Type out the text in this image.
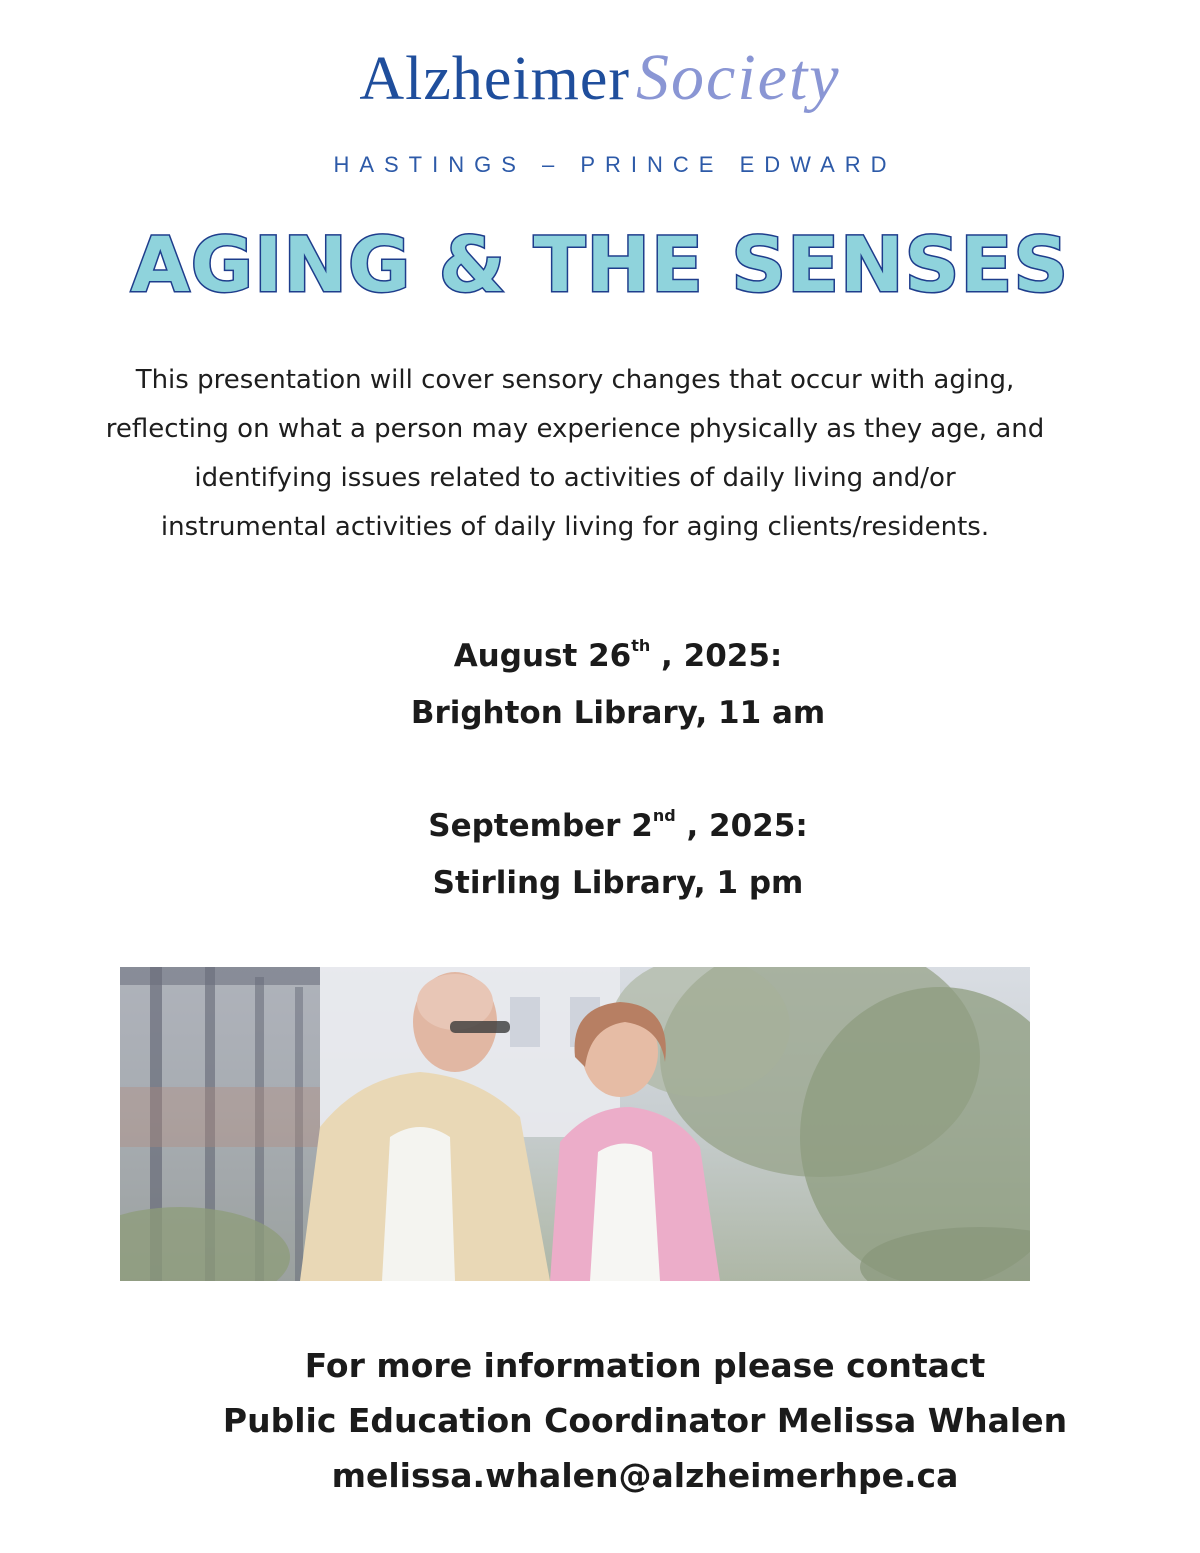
AlzheimerSociety
HASTINGS – PRINCE EDWARD
AGING & THE SENSES
This presentation will cover sensory changes that occur with aging,
reflecting on what a person may experience physically as they age, and
identifying issues related to activities of daily living and/or
instrumental activities of daily living for aging clients/residents.
August 26th , 2025:
Brighton Library, 11 am
September 2nd , 2025:
Stirling Library, 1 pm
For more information please contact
Public Education Coordinator Melissa Whalen
melissa.whalen@alzheimerhpe.ca
